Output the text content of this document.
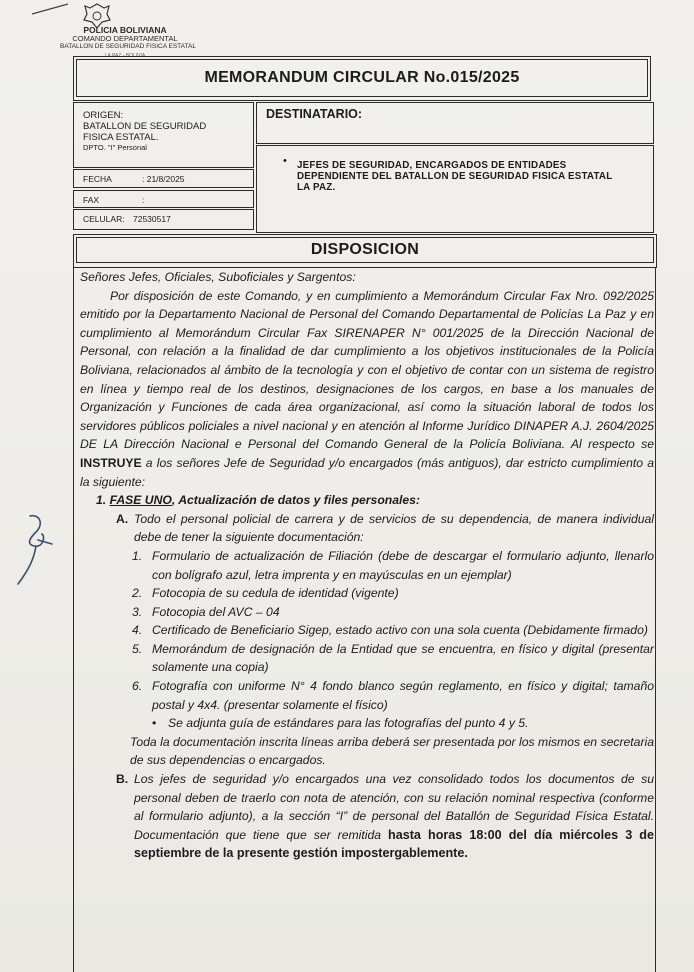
POLICIA BOLIVIANA
COMANDO DEPARTAMENTAL
BATALLON DE SEGURIDAD FISICA ESTATAL
LA PAZ - BOLIVIA
MEMORANDUM CIRCULAR No.015/2025
ORIGEN:
BATALLON DE SEGURIDAD
FISICA ESTATAL.
DPTO. "I" Personal
DESTINATARIO:
• JEFES DE SEGURIDAD, ENCARGADOS DE ENTIDADES DEPENDIENTE DEL BATALLON DE SEGURIDAD FISICA ESTATAL LA PAZ.
FECHA	: 21/8/2025
FAX	:
CELULAR: 72530517
DISPOSICION

Señores Jefes, Oficiales, Suboficiales y Sargentos:

Por disposición de este Comando, y en cumplimiento a Memorándum Circular Fax Nro. 092/2025 emitido por la Departamento Nacional de Personal del Comando Departamental de Policías La Paz y en cumplimiento al Memorándum Circular Fax SIRENAPER N° 001/2025 de la Dirección Nacional de Personal, con relación a la finalidad de dar cumplimiento a los objetivos institucionales de la Policía Boliviana, relacionados al ámbito de la tecnología y con el objetivo de contar con un sistema de registro en línea y tiempo real de los destinos, designaciones de los cargos, en base a los manuales de Organización y Funciones de cada área organizacional, así como la situación laboral de todos los servidores públicos policiales a nivel nacional y en atención al Informe Jurídico DINAPER A.J. 2604/2025 DE LA Dirección Nacional e Personal del Comando General de la Policía Boliviana. Al respecto se INSTRUYE a los señores Jefe de Seguridad y/o encargados (más antiguos), dar estricto cumplimiento a la siguiente:

1. FASE UNO, Actualización de datos y files personales:

A. Todo el personal policial de carrera y de servicios de su dependencia, de manera individual debe de tener la siguiente documentación:
1. Formulario de actualización de Filiación (debe de descargar el formulario adjunto, llenarlo con bolígrafo azul, letra imprenta y en mayúsculas en un ejemplar)
2. Fotocopia de su cedula de identidad (vigente)
3. Fotocopia del AVC – 04
4. Certificado de Beneficiario Sigep, estado activo con una sola cuenta (Debidamente firmado)
5. Memorándum de designación de la Entidad que se encuentra, en físico y digital (presentar solamente una copia)
6. Fotografía con uniforme N° 4 fondo blanco según reglamento, en físico y digital; tamaño postal y 4x4. (presentar solamente el físico)
• Se adjunta guía de estándares para las fotografías del punto 4 y 5.

Toda la documentación inscrita líneas arriba deberá ser presentada por los mismos en secretaria de sus dependencias o encargados.

B. Los jefes de seguridad y/o encargados una vez consolidado todos los documentos de su personal deben de traerlo con nota de atención, con su relación nominal respectiva (conforme al formulario adjunto), a la sección “I” de personal del Batallón de Seguridad Física Estatal. Documentación que tiene que ser remitida hasta horas 18:00 del día miércoles 3 de septiembre de la presente gestión impostergablemente.
